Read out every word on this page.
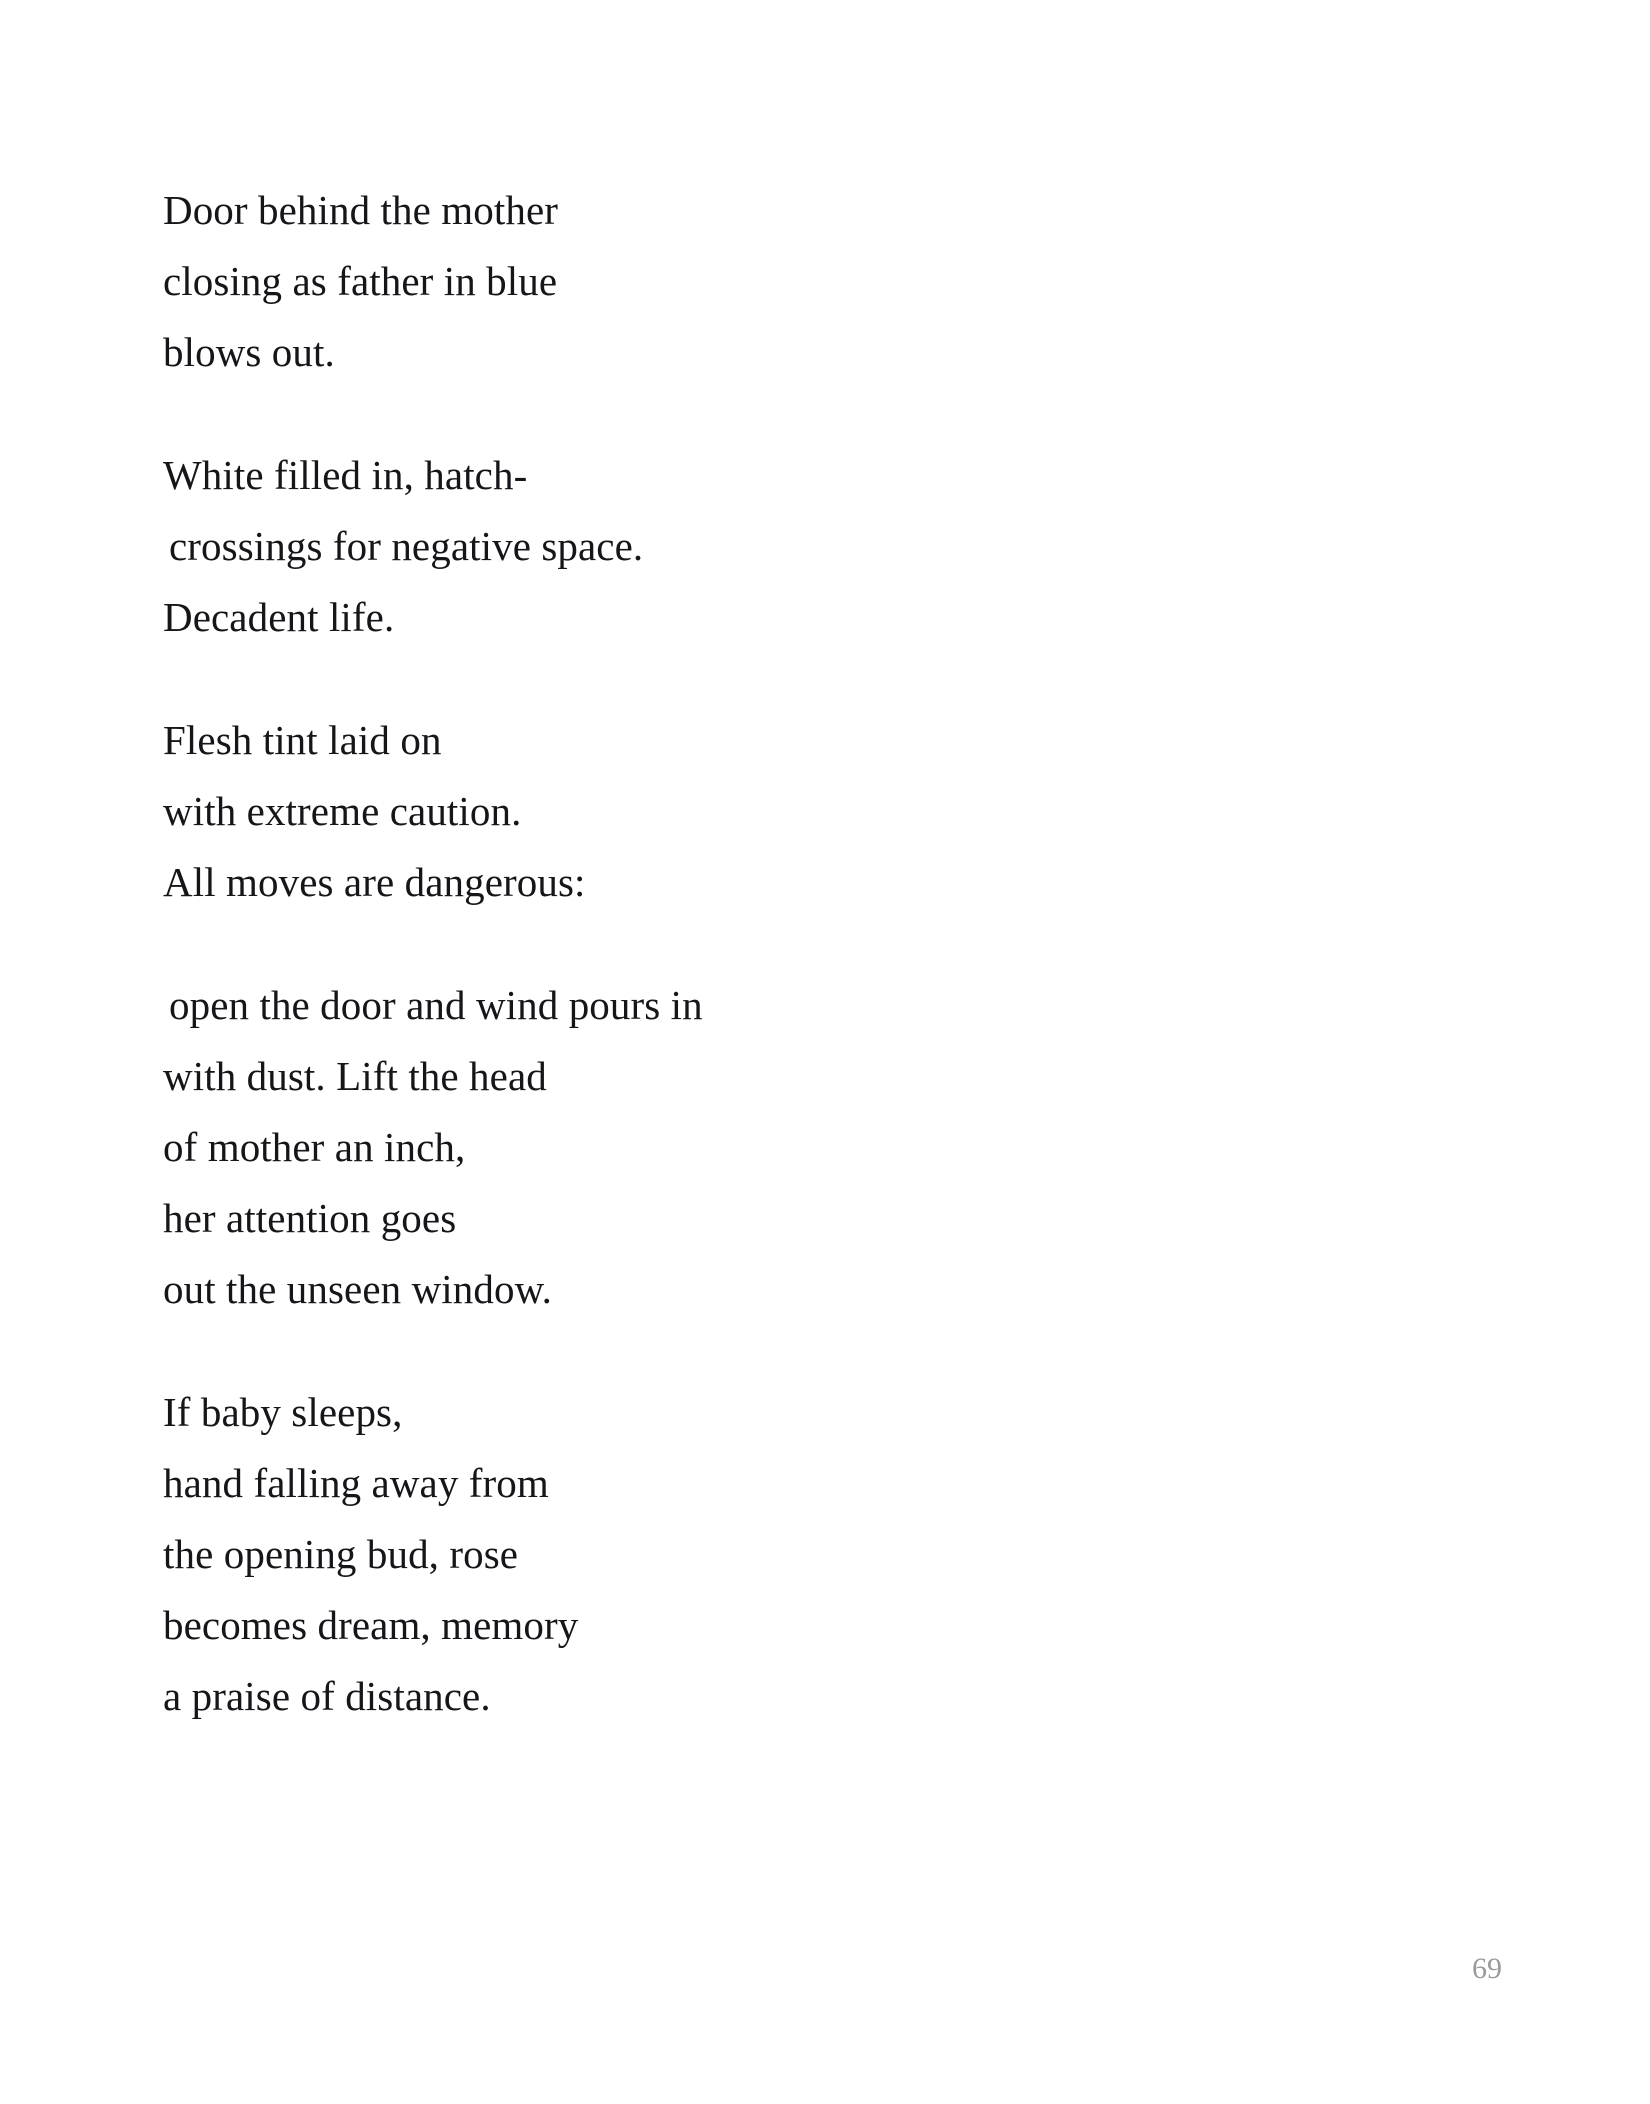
Door behind the mother
closing as father in blue
blows out.
White filled in, hatch-
crossings for negative space.
Decadent life.
Flesh tint laid on
with extreme caution.
All moves are dangerous:
open the door and wind pours in
with dust. Lift the head
of mother an inch,
her attention goes
out the unseen window.
If baby sleeps,
hand falling away from
the opening bud, rose
becomes dream, memory
a praise of distance.
69
